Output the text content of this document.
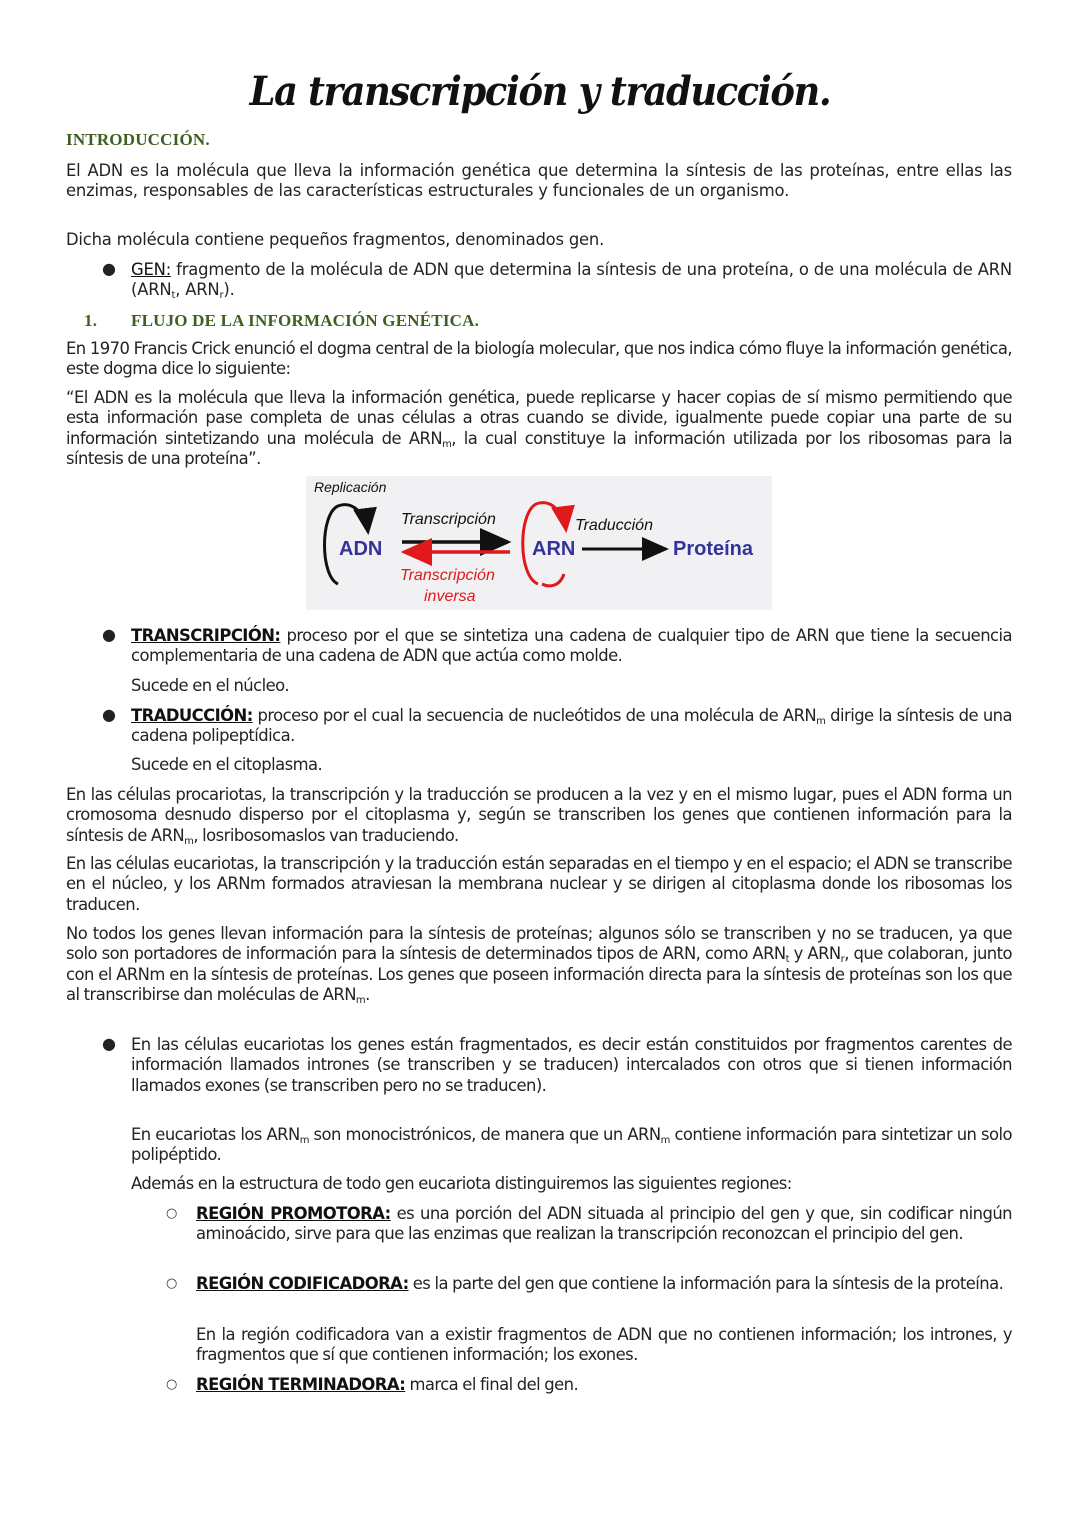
La transcripción y traducción.
INTRODUCCIÓN.

El ADN es la molécula que lleva la información genética que determina la síntesis de las proteínas, entre ellas las enzimas, responsables de las características estructurales y funcionales de un organismo.

Dicha molécula contiene pequeños fragmentos, denominados gen.

● GEN: fragmento de la molécula de ADN que determina la síntesis de una proteína, o de una molécula de ARN ($ARN_t$, $ARN_r$).

1. FLUJO DE LA INFORMACIÓN GENÉTICA.

En 1970 Francis Crick enunció el dogma central de la biología molecular, que nos indica cómo fluye la información genética, este dogma dice lo siguiente:

“El ADN es la molécula que lleva la información genética, puede replicarse y hacer copias de sí mismo permitiendo que esta información pase completa de unas células a otras cuando se divide, igualmente puede copiar una parte de su información sintetizando una molécula de $ARN_m$, la cual constituye la información utilizada por los ribosomas para la síntesis de una proteína”.

Replicación
ADN
Transcripción
ARN
Traducción
Proteína
Transcripción
inversa
● TRANSCRIPCIÓN: proceso por el que se sintetiza una cadena de cualquier tipo de ARN que tiene la secuencia complementaria de una cadena de ADN que actúa como molde.

Sucede en el núcleo.

● TRADUCCIÓN: proceso por el cual la secuencia de nucleótidos de una molécula de $ARN_m$ dirige la síntesis de una cadena polipeptídica.

Sucede en el citoplasma.

En las células procariotas, la transcripción y la traducción se producen a la vez y en el mismo lugar, pues el ADN forma un cromosoma desnudo disperso por el citoplasma y, según se transcriben los genes que contienen información para la síntesis de $ARN_m$, losribosomaslos van traduciendo.

En las células eucariotas, la transcripción y la traducción están separadas en el tiempo y en el espacio; el ADN se transcribe en el núcleo, y los ARNm formados atraviesan la membrana nuclear y se dirigen al citoplasma donde los ribosomas los traducen.

No todos los genes llevan información para la síntesis de proteínas; algunos sólo se transcriben y no se traducen, ya que solo son portadores de información para la síntesis de determinados tipos de ARN, como $ARN_t$ y $ARN_r$, que colaboran, junto con el ARNm en la síntesis de proteínas. Los genes que poseen información directa para la síntesis de proteínas son los que al transcribirse dan moléculas de $ARN_m$.

● En las células eucariotas los genes están fragmentados, es decir están constituidos por fragmentos carentes de información llamados intrones (se transcriben y se traducen) intercalados con otros que si tienen información llamados exones (se transcriben pero no se traducen).

En eucariotas los $ARN_m$ son monocistrónicos, de manera que un $ARN_m$ contiene información para sintetizar un solo polipéptido.

Además en la estructura de todo gen eucariota distinguiremos las siguientes regiones:

○ REGIÓN PROMOTORA: es una porción del ADN situada al principio del gen y que, sin codificar ningún aminoácido, sirve para que las enzimas que realizan la transcripción reconozcan el principio del gen.

○ REGIÓN CODIFICADORA: es la parte del gen que contiene la información para la síntesis de la proteína.

En la región codificadora van a existir fragmentos de ADN que no contienen información; los intrones, y fragmentos que sí que contienen información; los exones.

○ REGIÓN TERMINADORA: marca el final del gen.
